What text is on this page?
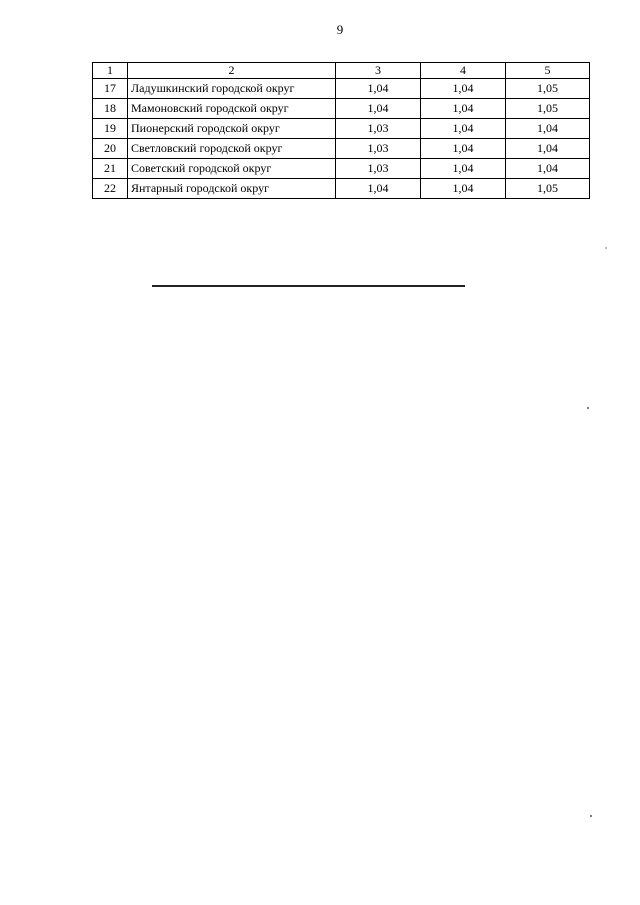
9
1	2	3	4	5
17	Ладушкинский городской округ	1,04	1,04	1,05
18	Мамоновский городской округ	1,04	1,04	1,05
19	Пионерский городской округ	1,03	1,04	1,04
20	Светловский городской округ	1,03	1,04	1,04
21	Советский городской округ	1,03	1,04	1,04
22	Янтарный городской округ	1,04	1,04	1,05
